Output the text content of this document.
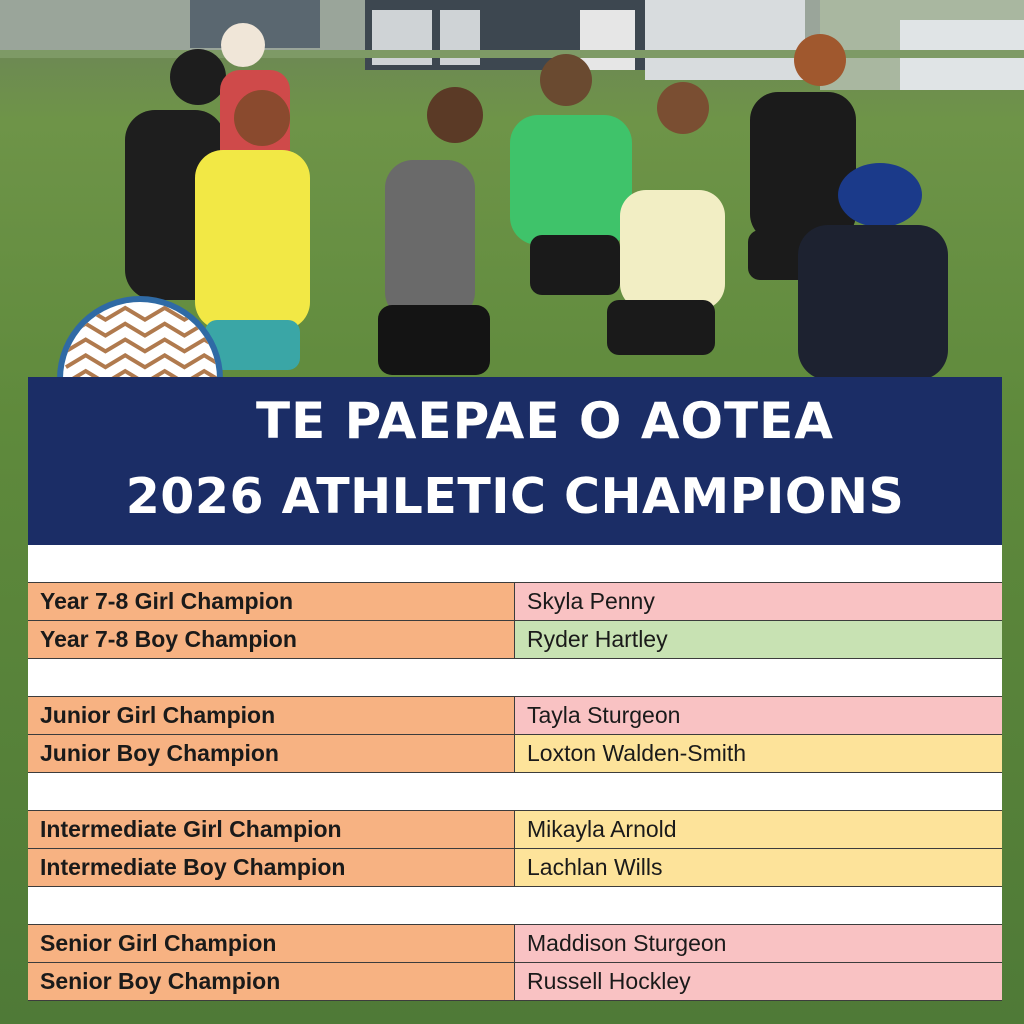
TE PAEPAE O AOTEA
2026 ATHLETIC CHAMPIONS
Year 7-8 Girl Champion	Skyla Penny
Year 7-8 Boy Champion	Ryder Hartley
Junior Girl Champion	Tayla Sturgeon
Junior Boy Champion	Loxton Walden-Smith
Intermediate Girl Champion	Mikayla Arnold
Intermediate Boy Champion	Lachlan Wills
Senior Girl Champion	Maddison Sturgeon
Senior Boy Champion	Russell Hockley
